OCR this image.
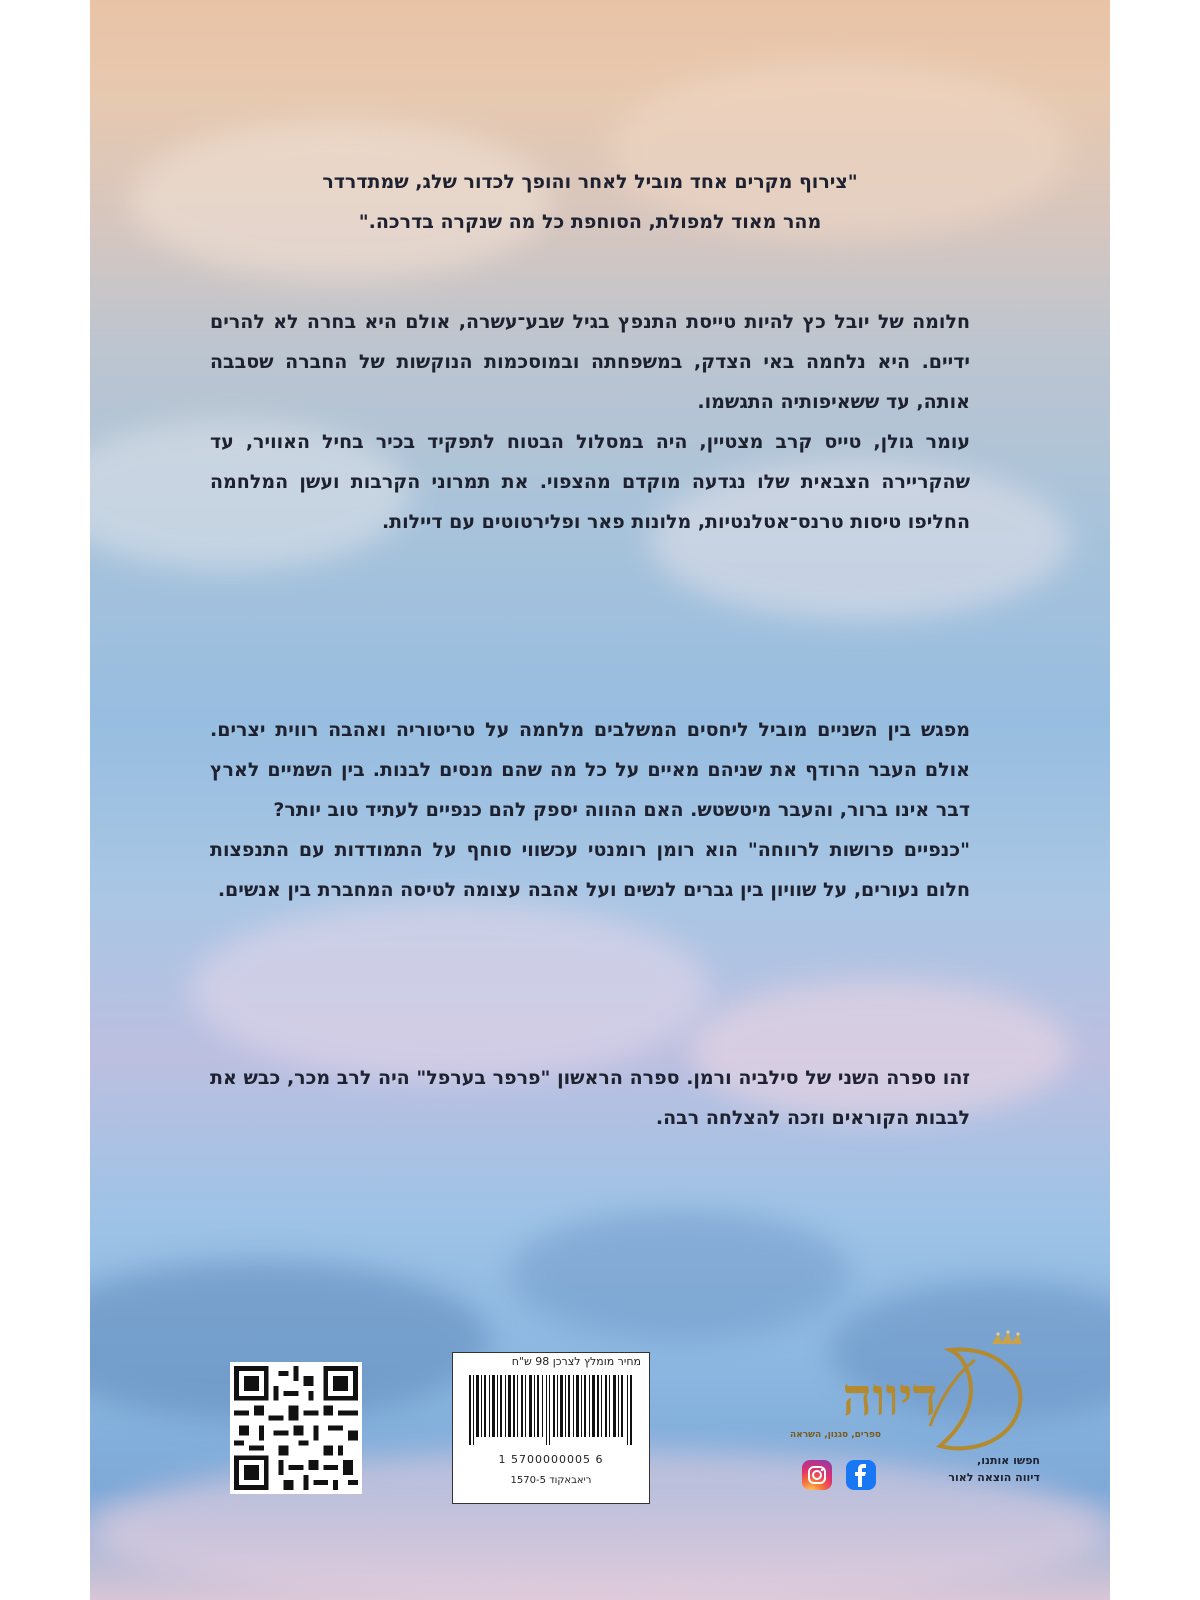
"צירוף מקרים אחד מוביל לאחר והופך לכדור שלג, שמתדרדר

מהר מאוד למפולת, הסוחפת כל מה שנקרה בדרכה."

חלומה של יובל כץ להיות טייסת התנפץ בגיל שבע־עשרה, אולם היא בחרה לא להרים ידיים. היא נלחמה באי הצדק, במשפחתה ובמוסכמות הנוקשות של החברה שסבבה אותה, עד ששאיפותיה התגשמו.

עומר גולן, טייס קרב מצטיין, היה במסלול הבטוח לתפקיד בכיר בחיל האוויר, עד שהקריירה הצבאית שלו נגדעה מוקדם מהצפוי. את תמרוני הקרבות ועשן המלחמה החליפו טיסות טרנס־אטלנטיות, מלונות פאר ופלירטוטים עם דיילות.

מפגש בין השניים מוביל ליחסים המשלבים מלחמה על טריטוריה ואהבה רווית יצרים. אולם העבר הרודף את שניהם מאיים על כל מה שהם מנסים לבנות. בין השמיים לארץ דבר אינו ברור, והעבר מיטשטש. האם ההווה יספק להם כנפיים לעתיד טוב יותר?

"כנפיים פרושות לרווחה" הוא רומן רומנטי עכשווי סוחף על התמודדות עם התנפצות חלום נעורים, על שוויון בין גברים לנשים ועל אהבה עצומה לטיסה המחברת בין אנשים.

זהו ספרה השני של סילביה ורמן. ספרה הראשון "פרפר בערפל" היה לרב מכר, כבש את לבבות הקוראים וזכה להצלחה רבה.

מחיר מומלץ לצרכן 98 ש"ח
1 5700000005 6
ריאבאקוד 1570-5
דיווה
ספרים, סגנון, השראה
חפשו אותנו,
דיווה הוצאה לאור
